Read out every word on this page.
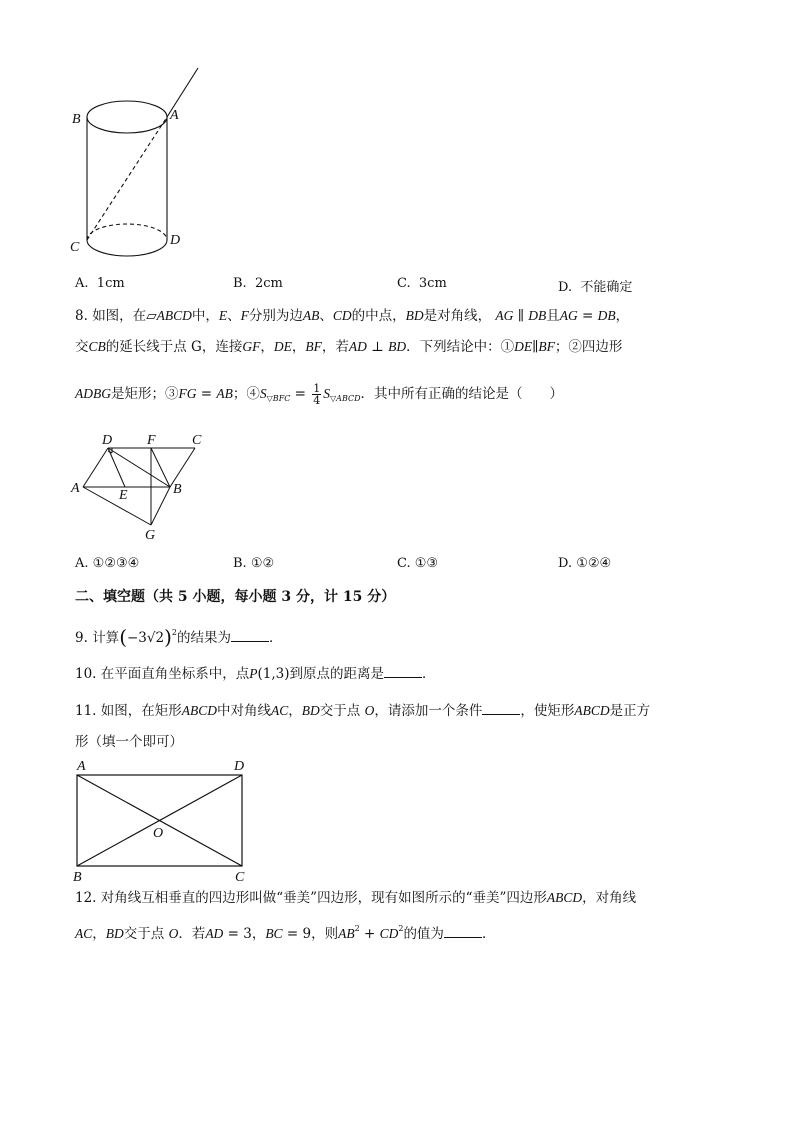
B	A
C	D
A. 1cm	B. 2cm	C. 3cm	D. 不能确定
8. 如图，在▱ABCD中，E、F分别为边AB、CD的中点，BD是对角线， AG ∥ DB且AG = DB，
交CB的延长线于点 G，连接GF，DE，BF，若AD ⊥ BD．下列结论中：①DE∥BF；②四边形
ADBG是矩形；③FG = AB；$④S_{▽BFC} = \frac{1}{4} S_{▽ABCD}$．其中所有正确的结论是（　　）
D F	C
A	E	B
G
A. ①②③④	B. ①②	C. ①③	D. ①②④
二、填空题（共 5 小题，每小题 3 分，计 15 分）
9. 计算$(-3√2)^2$的结果为	．
10. 在平面直角坐标系中，点P(1,3)到原点的距离是	．
11. 如图，在矩形ABCD中对角线AC，BD交于点 O，请添加一个条件	，使矩形ABCD是正方
形（填一个即可）
A	D
O
B	C
12. 对角线互相垂直的四边形叫做“垂美”四边形，现有如图所示的“垂美”四边形ABCD，对角线
AC，BD交于点 O．若AD = 3，BC = 9，则$AB^2 + CD^2$的值为	．
